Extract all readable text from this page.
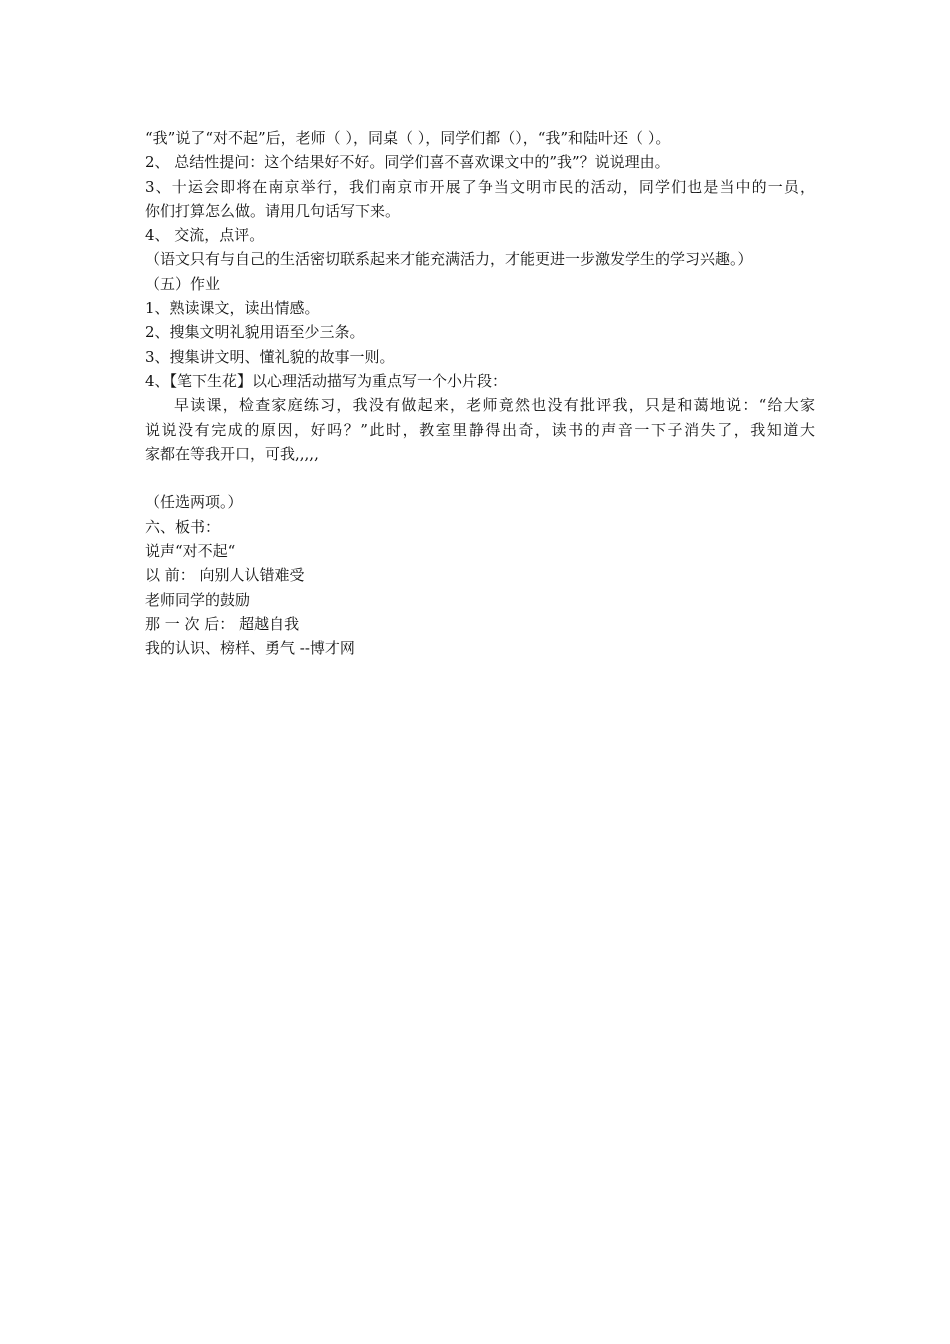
“我”说了“对不起”后，老师（ ），同桌（ ），同学们都（），“我”和陆叶还（ ）。
2、 总结性提问：这个结果好不好。同学们喜不喜欢课文中的”我”？说说理由。
3、十运会即将在南京举行，我们南京市开展了争当文明市民的活动，同学们也是当中的一员，
你们打算怎么做。请用几句话写下来。
4、 交流，点评。
（语文只有与自己的生活密切联系起来才能充满活力，才能更进一步激发学生的学习兴趣。）
（五）作业
1、熟读课文，读出情感。
2、搜集文明礼貌用语至少三条。
3、搜集讲文明、懂礼貌的故事一则。
4、【笔下生花】以心理活动描写为重点写一个小片段：
早读课，检查家庭练习，我没有做起来，老师竟然也没有批评我，只是和蔼地说：“给大家
说说没有完成的原因，好吗？”此时，教室里静得出奇，读书的声音一下子消失了，我知道大
家都在等我开口，可我,,,,,
（任选两项。）
六、板书：
说声“对不起“
以 前： 向别人认错难受
老师同学的鼓励
那 一 次 后： 超越自我
我的认识、榜样、勇气 --博才网
